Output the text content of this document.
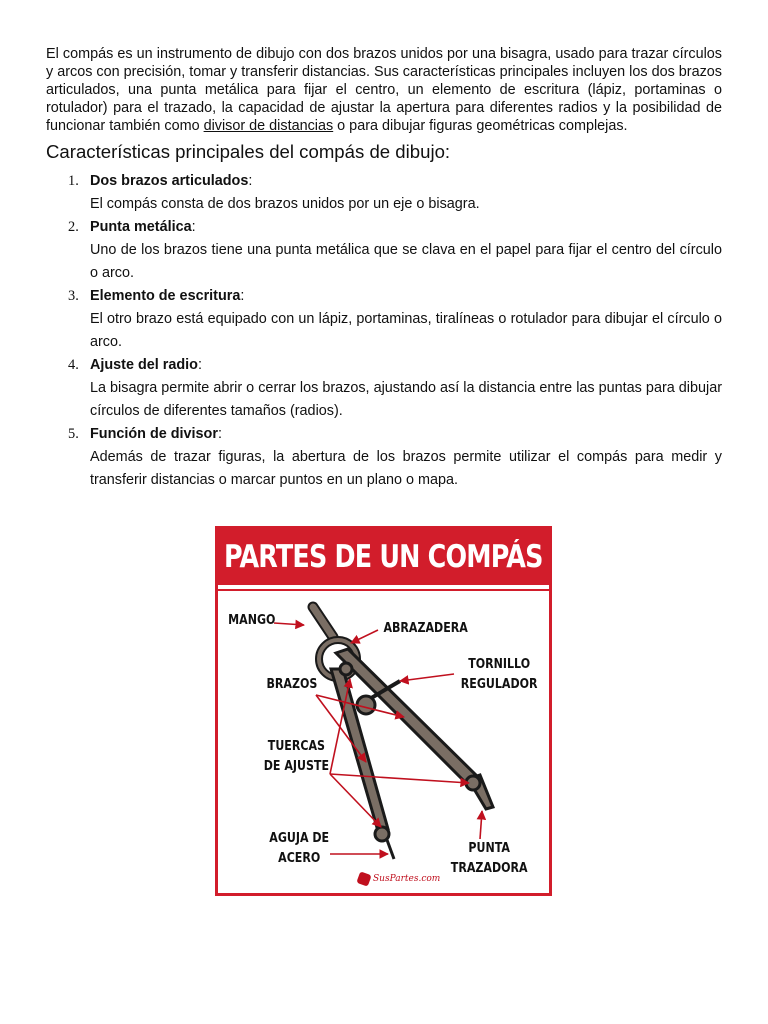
El compás es un instrumento de dibujo con dos brazos unidos por una bisagra, usado para trazar círculos y arcos con precisión, tomar y transferir distancias. Sus características principales incluyen los dos brazos articulados, una punta metálica para fijar el centro, un elemento de escritura (lápiz, portaminas o rotulador) para el trazado, la capacidad de ajustar la apertura para diferentes radios y la posibilidad de funcionar también como divisor de distancias o para dibujar figuras geométricas complejas.

Características principales del compás de dibujo:
1. Dos brazos articulados:

El compás consta de dos brazos unidos por un eje o bisagra.

2. Punta metálica:

Uno de los brazos tiene una punta metálica que se clava en el papel para fijar el centro del círculo o arco.

3. Elemento de escritura:

El otro brazo está equipado con un lápiz, portaminas, tiralíneas o rotulador para dibujar el círculo o arco.

4. Ajuste del radio:

La bisagra permite abrir o cerrar los brazos, ajustando así la distancia entre las puntas para dibujar círculos de diferentes tamaños (radios).

5. Función de divisor:

Además de trazar figuras, la abertura de los brazos permite utilizar el compás para medir y transferir distancias o marcar puntos en un plano o mapa.

PARTES DE UN COMPÁS
MANGO
ABRAZADERA
TORNILLO
REGULADOR
BRAZOS
TUERCAS
DE AJUSTE
AGUJA DE
ACERO
PUNTA
TRAZADORA
SusPartes.com
